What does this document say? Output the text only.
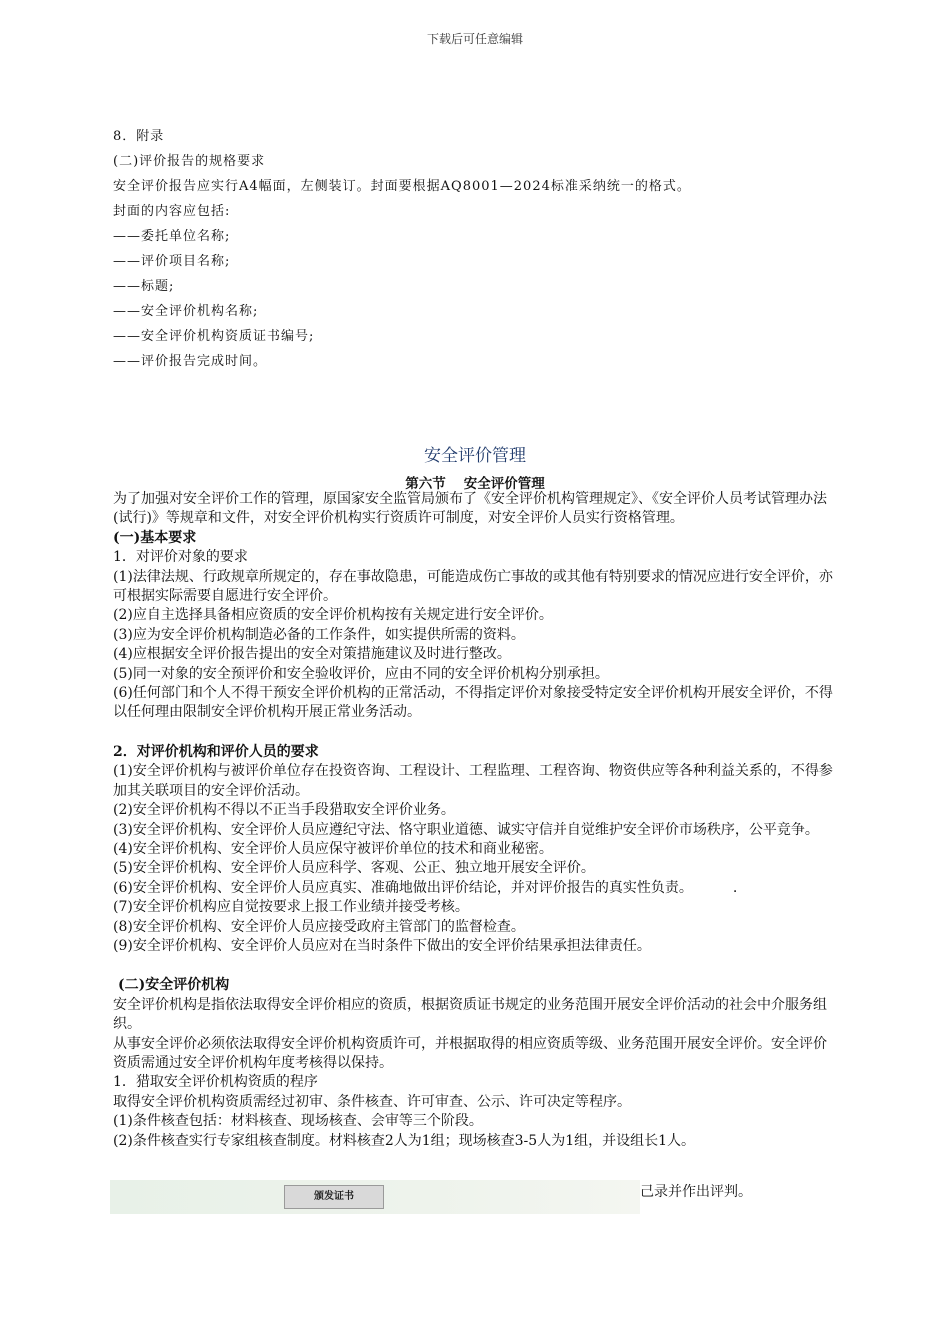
下载后可任意编辑

8．附录

(二)评价报告的规格要求

安全评价报告应实行A4幅面，左侧装订。封面要根据AQ8001—2024标准采纳统一的格式。

封面的内容应包括:

——委托单位名称;

——评价项目名称;

——标题;

——安全评价机构名称;

——安全评价机构资质证书编号;

——评价报告完成时间。

安全评价管理
第六节 安全评价管理

为了加强对安全评价工作的管理，原国家安全监管局颁布了《安全评价机构管理规定》、《安全评价人员考试管理办法(试行)》等规章和文件，对安全评价机构实行资质许可制度，对安全评价人员实行资格管理。

(一)基本要求

1．对评价对象的要求

(1)法律法规、行政规章所规定的，存在事故隐患，可能造成伤亡事故的或其他有特别要求的情况应进行安全评价，亦可根据实际需要自愿进行安全评价。

(2)应自主选择具备相应资质的安全评价机构按有关规定进行安全评价。

(3)应为安全评价机构制造必备的工作条件，如实提供所需的资料。

(4)应根据安全评价报告提出的安全对策措施建议及时进行整改。

(5)同一对象的安全预评价和安全验收评价，应由不同的安全评价机构分别承担。

(6)任何部门和个人不得干预安全评价机构的正常活动，不得指定评价对象接受特定安全评价机构开展安全评价，不得以任何理由限制安全评价机构开展正常业务活动。

2．对评价机构和评价人员的要求

(1)安全评价机构与被评价单位存在投资咨询、工程设计、工程监理、工程咨询、物资供应等各种利益关系的，不得参加其关联项目的安全评价活动。

(2)安全评价机构不得以不正当手段猎取安全评价业务。

(3)安全评价机构、安全评价人员应遵纪守法、恪守职业道德、诚实守信并自觉维护安全评价市场秩序，公平竞争。

(4)安全评价机构、安全评价人员应保守被评价单位的技术和商业秘密。

(5)安全评价机构、安全评价人员应科学、客观、公正、独立地开展安全评价。

(6)安全评价机构、安全评价人员应真实、准确地做出评价结论，并对评价报告的真实性负责。	.

(7)安全评价机构应自觉按要求上报工作业绩并接受考核。

(8)安全评价机构、安全评价人员应接受政府主管部门的监督检查。

(9)安全评价机构、安全评价人员应对在当时条件下做出的安全评价结果承担法律责任。

(二)安全评价机构

安全评价机构是指依法取得安全评价相应的资质，根据资质证书规定的业务范围开展安全评价活动的社会中介服务组织。

从事安全评价必须依法取得安全评价机构资质许可，并根据取得的相应资质等级、业务范围开展安全评价。安全评价资质需通过安全评价机构年度考核得以保持。

1．猎取安全评价机构资质的程序

取得安全评价机构资质需经过初审、条件核查、许可审查、公示、许可决定等程序。

(1)条件核查包括：材料核查、现场核查、会审等三个阶段。

(2)条件核查实行专家组核查制度。材料核查2人为1组；现场核查3-5人为1组，并设组长1人。

颁发证书	己录并作出评判。
